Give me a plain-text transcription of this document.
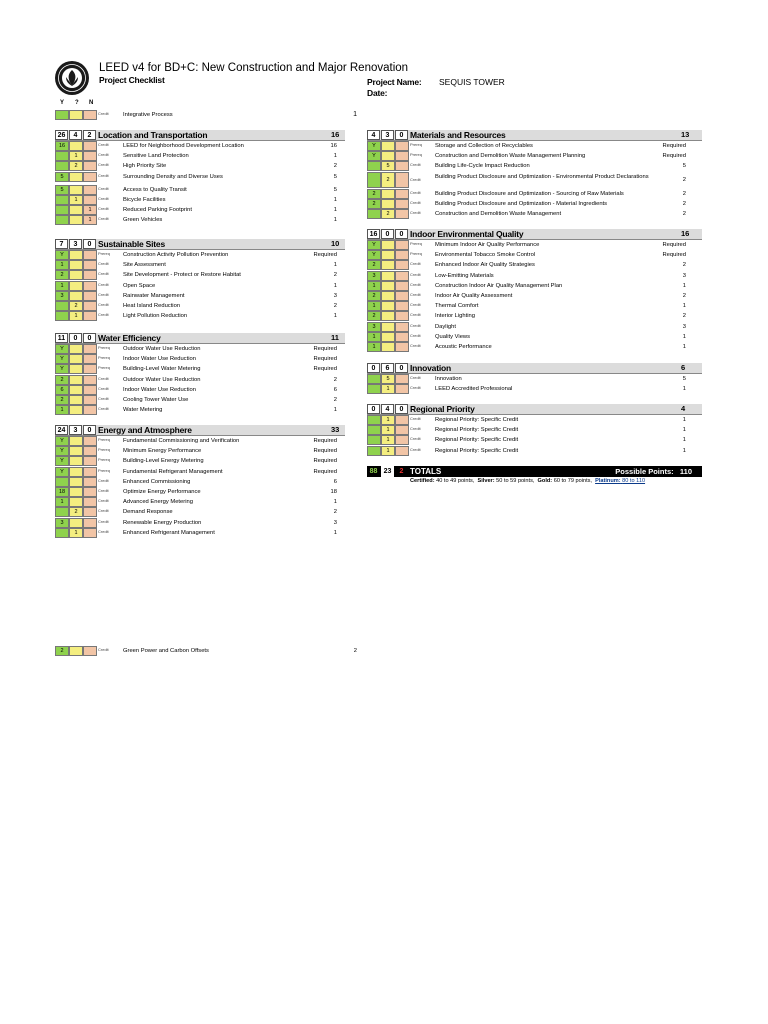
LEED v4 for BD+C: New Construction and Major Renovation
Project Checklist	Project Name: SEQUIS TOWER
Date:
Y ? N
Credit Integrative Process	1
26	4	2 Location and Transportation	16
16	Credit LEED for Neighborhood Development Location	16
1	Credit Sensitive Land Protection	1
2	Credit High Priority Site	2
5	Credit Surrounding Density and Diverse Uses	5
5	Credit Access to Quality Transit	5
1	Credit Bicycle Facilities	1
1	Credit Reduced Parking Footprint	1
1	Credit Green Vehicles	1
7	3	0 Sustainable Sites	10
Y	Prereq Construction Activity Pollution Prevention	Required
1	Credit Site Assessment	1
2	Credit Site Development - Protect or Restore Habitat	2
1	Credit Open Space	1
3	Credit Rainwater Management	3
2	Credit Heat Island Reduction	2
1	Credit Light Pollution Reduction	1
11	0	0 Water Efficiency	11
Y	Prereq Outdoor Water Use Reduction	Required
Y	Prereq Indoor Water Use Reduction	Required
Y	Prereq Building-Level Water Metering	Required
2	Credit Outdoor Water Use Reduction	2
6	Credit Indoor Water Use Reduction	6
2	Credit Cooling Tower Water Use	2
1	Credit Water Metering	1
24	3	0 Energy and Atmosphere	33
Y	Prereq Fundamental Commissioning and Verification	Required
Y	Prereq Minimum Energy Performance	Required
Y	Prereq Building-Level Energy Metering	Required
Y	Prereq Fundamental Refrigerant Management	Required
Credit Enhanced Commissioning	6
18	Credit Optimize Energy Performance	18
1	Credit Advanced Energy Metering	1
2	Credit Demand Response	2
3	Credit Renewable Energy Production	3
1	Credit Enhanced Refrigerant Management	1
2	Credit Green Power and Carbon Offsets	2
4	3	0 Materials and Resources	13
Y	Prereq Storage and Collection of Recyclables	Required
Y	Prereq Construction and Demolition Waste Management Planning	Required
5	Credit Building Life-Cycle Impact Reduction	5
2	Credit Building Product Disclosure and Optimization - Environmental Product Declarations	2
2	Credit Building Product Disclosure and Optimization - Sourcing of Raw Materials	2
2	Credit Building Product Disclosure and Optimization - Material Ingredients	2
2	Credit Construction and Demolition Waste Management	2
16	0	0 Indoor Environmental Quality	16
Y	Prereq Minimum Indoor Air Quality Performance	Required
Y	Prereq Environmental Tobacco Smoke Control	Required
2	Credit Enhanced Indoor Air Quality Strategies	2
3	Credit Low-Emitting Materials	3
1	Credit Construction Indoor Air Quality Management Plan	1
2	Credit Indoor Air Quality Assessment	2
1	Credit Thermal Comfort	1
2	Credit Interior Lighting	2
3	Credit Daylight	3
1	Credit Quality Views	1
1	Credit Acoustic Performance	1
0	6	0 Innovation	6
5	Credit Innovation	5
1	Credit LEED Accredited Professional	1
0	4	0 Regional Priority	4
1	Credit Regional Priority: Specific Credit	1
1	Credit Regional Priority: Specific Credit	1
1	Credit Regional Priority: Specific Credit	1
1	Credit Regional Priority: Specific Credit	1
88 23	2 TOTALS	Possible Points: 110
Certified: 40 to 49 points, Silver: 50 to 59 points, Gold: 60 to 79 points, Platinum: 80 to 110
